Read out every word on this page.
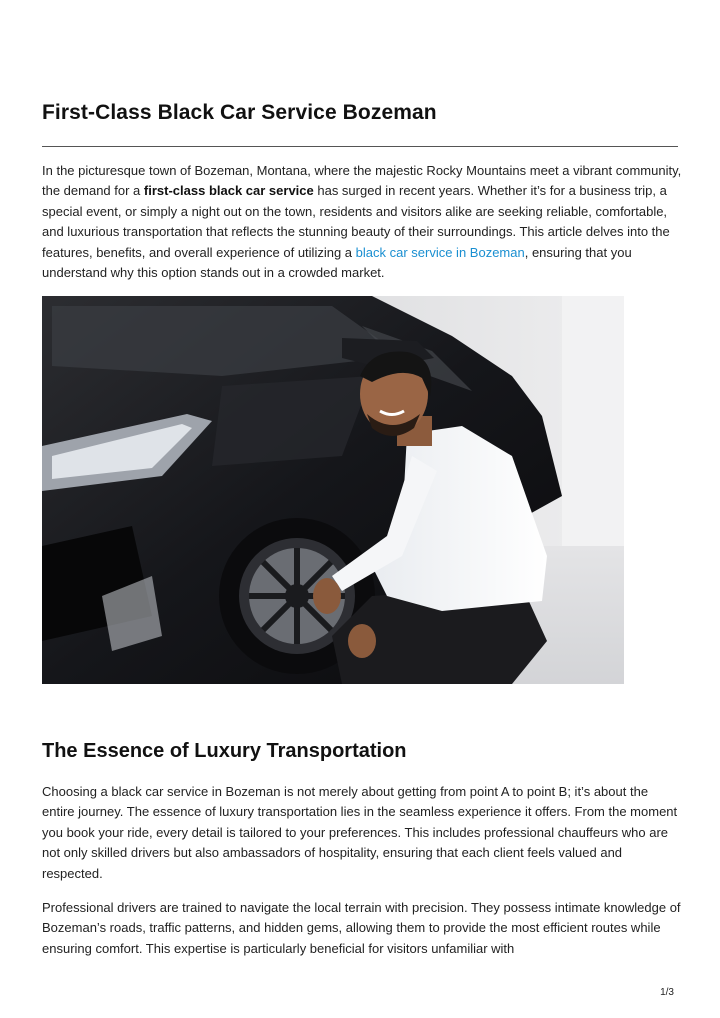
First-Class Black Car Service Bozeman

In the picturesque town of Bozeman, Montana, where the majestic Rocky Mountains meet a vibrant community, the demand for a first-class black car service has surged in recent years. Whether it’s for a business trip, a special event, or simply a night out on the town, residents and visitors alike are seeking reliable, comfortable, and luxurious transportation that reflects the stunning beauty of their surroundings. This article delves into the features, benefits, and overall experience of utilizing a black car service in Bozeman, ensuring that you understand why this option stands out in a crowded market.

The Essence of Luxury Transportation

Choosing a black car service in Bozeman is not merely about getting from point A to point B; it’s about the entire journey. The essence of luxury transportation lies in the seamless experience it offers. From the moment you book your ride, every detail is tailored to your preferences. This includes professional chauffeurs who are not only skilled drivers but also ambassadors of hospitality, ensuring that each client feels valued and respected.

Professional drivers are trained to navigate the local terrain with precision. They possess intimate knowledge of Bozeman’s roads, traffic patterns, and hidden gems, allowing them to provide the most efficient routes while ensuring comfort. This expertise is particularly beneficial for visitors unfamiliar with

1/3
